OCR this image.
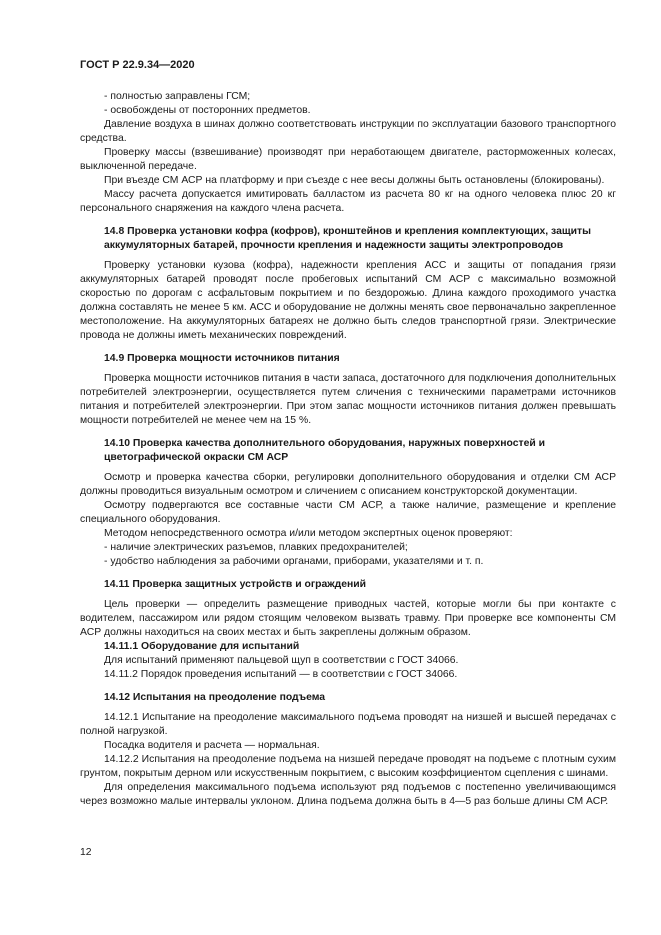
ГОСТ Р 22.9.34—2020

- полностью заправлены ГСМ;

- освобождены от посторонних предметов.

Давление воздуха в шинах должно соответствовать инструкции по эксплуатации базового транспортного средства.

Проверку массы (взвешивание) производят при неработающем двигателе, расторможенных колесах, выключенной передаче.

При въезде СМ АСР на платформу и при съезде с нее весы должны быть остановлены (блокированы).

Массу расчета допускается имитировать балластом из расчета 80 кг на одного человека плюс 20 кг персонального снаряжения на каждого члена расчета.

14.8 Проверка установки кофра (кофров), кронштейнов и крепления комплектующих, защиты аккумуляторных батарей, прочности крепления и надежности защиты электропроводов

Проверку установки кузова (кофра), надежности крепления АСС и защиты от попадания грязи аккумуляторных батарей проводят после пробеговых испытаний СМ АСР с максимально возможной скоростью по дорогам с асфальтовым покрытием и по бездорожью. Длина каждого проходимого участка должна составлять не менее 5 км. АСС и оборудование не должны менять свое первоначально закрепленное местоположение. На аккумуляторных батареях не должно быть следов транспортной грязи. Электрические провода не должны иметь механических повреждений.

14.9 Проверка мощности источников питания

Проверка мощности источников питания в части запаса, достаточного для подключения дополнительных потребителей электроэнергии, осуществляется путем сличения с техническими параметрами источников питания и потребителей электроэнергии. При этом запас мощности источников питания должен превышать мощности потребителей не менее чем на 15 %.

14.10 Проверка качества дополнительного оборудования, наружных поверхностей и цветографической окраски СМ АСР

Осмотр и проверка качества сборки, регулировки дополнительного оборудования и отделки СМ АСР должны проводиться визуальным осмотром и сличением с описанием конструкторской документации.

Осмотру подвергаются все составные части СМ АСР, а также наличие, размещение и крепление специального оборудования.

Методом непосредственного осмотра и/или методом экспертных оценок проверяют:

- наличие электрических разъемов, плавких предохранителей;

- удобство наблюдения за рабочими органами, приборами, указателями и т. п.

14.11 Проверка защитных устройств и ограждений

Цель проверки — определить размещение приводных частей, которые могли бы при контакте с водителем, пассажиром или рядом стоящим человеком вызвать травму. При проверке все компоненты СМ АСР должны находиться на своих местах и быть закреплены должным образом.

14.11.1 Оборудование для испытаний

Для испытаний применяют пальцевой щуп в соответствии с ГОСТ 34066.

14.11.2 Порядок проведения испытаний — в соответствии с ГОСТ 34066.

14.12 Испытания на преодоление подъема

14.12.1 Испытание на преодоление максимального подъема проводят на низшей и высшей передачах с полной нагрузкой.

Посадка водителя и расчета — нормальная.

14.12.2 Испытания на преодоление подъема на низшей передаче проводят на подъеме с плотным сухим грунтом, покрытым дерном или искусственным покрытием, с высоким коэффициентом сцепления с шинами.

Для определения максимального подъема используют ряд подъемов с постепенно увеличивающимся через возможно малые интервалы уклоном. Длина подъема должна быть в 4—5 раз больше длины СМ АСР.

12
